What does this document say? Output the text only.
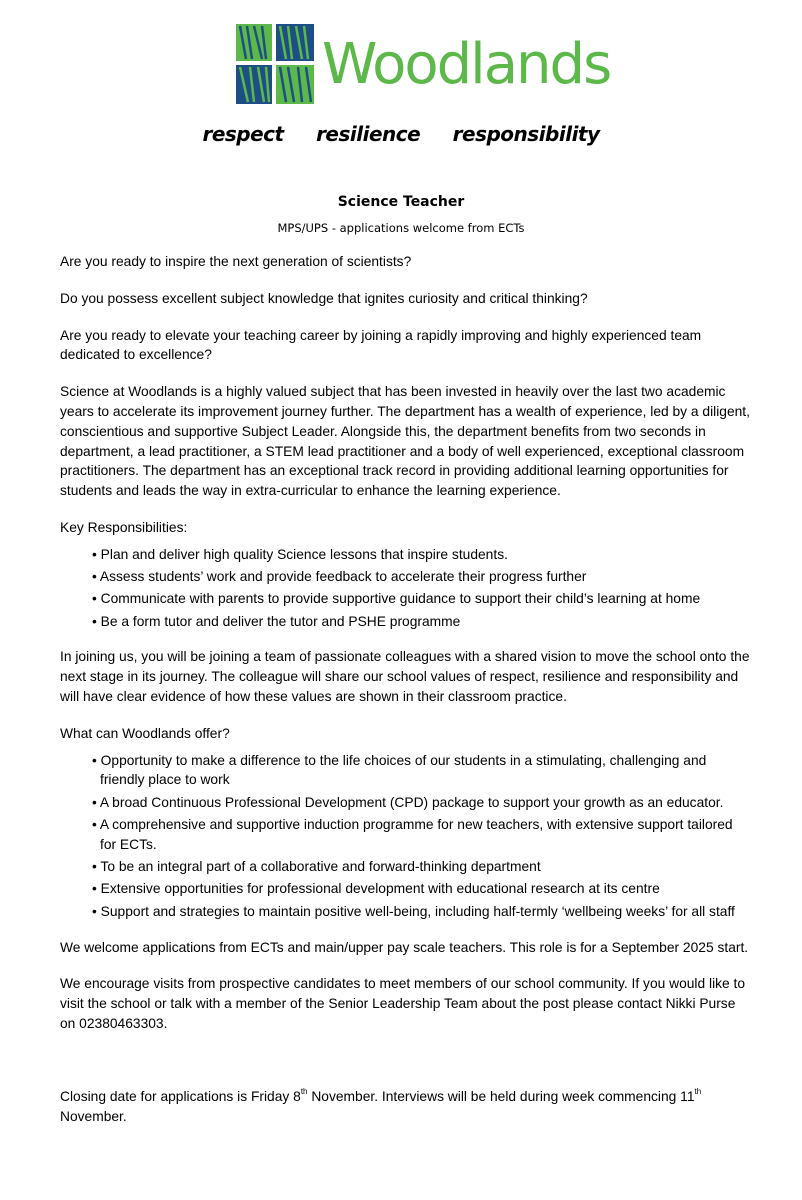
Woodlands
respect resilience responsibility
Science Teacher
MPS/UPS - applications welcome from ECTs

Are you ready to inspire the next generation of scientists?

Do you possess excellent subject knowledge that ignites curiosity and critical thinking?

Are you ready to elevate your teaching career by joining a rapidly improving and highly experienced team dedicated to excellence?

Science at Woodlands is a highly valued subject that has been invested in heavily over the last two academic years to accelerate its improvement journey further. The department has a wealth of experience, led by a diligent, conscientious and supportive Subject Leader. Alongside this, the department benefits from two seconds in department, a lead practitioner, a STEM lead practitioner and a body of well experienced, exceptional classroom practitioners. The department has an exceptional track record in providing additional learning opportunities for students and leads the way in extra-curricular to enhance the learning experience.

Key Responsibilities:

• Plan and deliver high quality Science lessons that inspire students.
• Assess students’ work and provide feedback to accelerate their progress further
• Communicate with parents to provide supportive guidance to support their child’s learning at home
• Be a form tutor and deliver the tutor and PSHE programme

In joining us, you will be joining a team of passionate colleagues with a shared vision to move the school onto the next stage in its journey. The colleague will share our school values of respect, resilience and responsibility and will have clear evidence of how these values are shown in their classroom practice.

What can Woodlands offer?

• Opportunity to make a difference to the life choices of our students in a stimulating, challenging and friendly place to work
• A broad Continuous Professional Development (CPD) package to support your growth as an educator.
• A comprehensive and supportive induction programme for new teachers, with extensive support tailored for ECTs.
• To be an integral part of a collaborative and forward-thinking department
• Extensive opportunities for professional development with educational research at its centre
• Support and strategies to maintain positive well-being, including half-termly ‘wellbeing weeks’ for all staff

We welcome applications from ECTs and main/upper pay scale teachers. This role is for a September 2025 start.

We encourage visits from prospective candidates to meet members of our school community. If you would like to visit the school or talk with a member of the Senior Leadership Team about the post please contact Nikki Purse on 02380463303.

Closing date for applications is Friday 8th November. Interviews will be held during week commencing 11th November.
